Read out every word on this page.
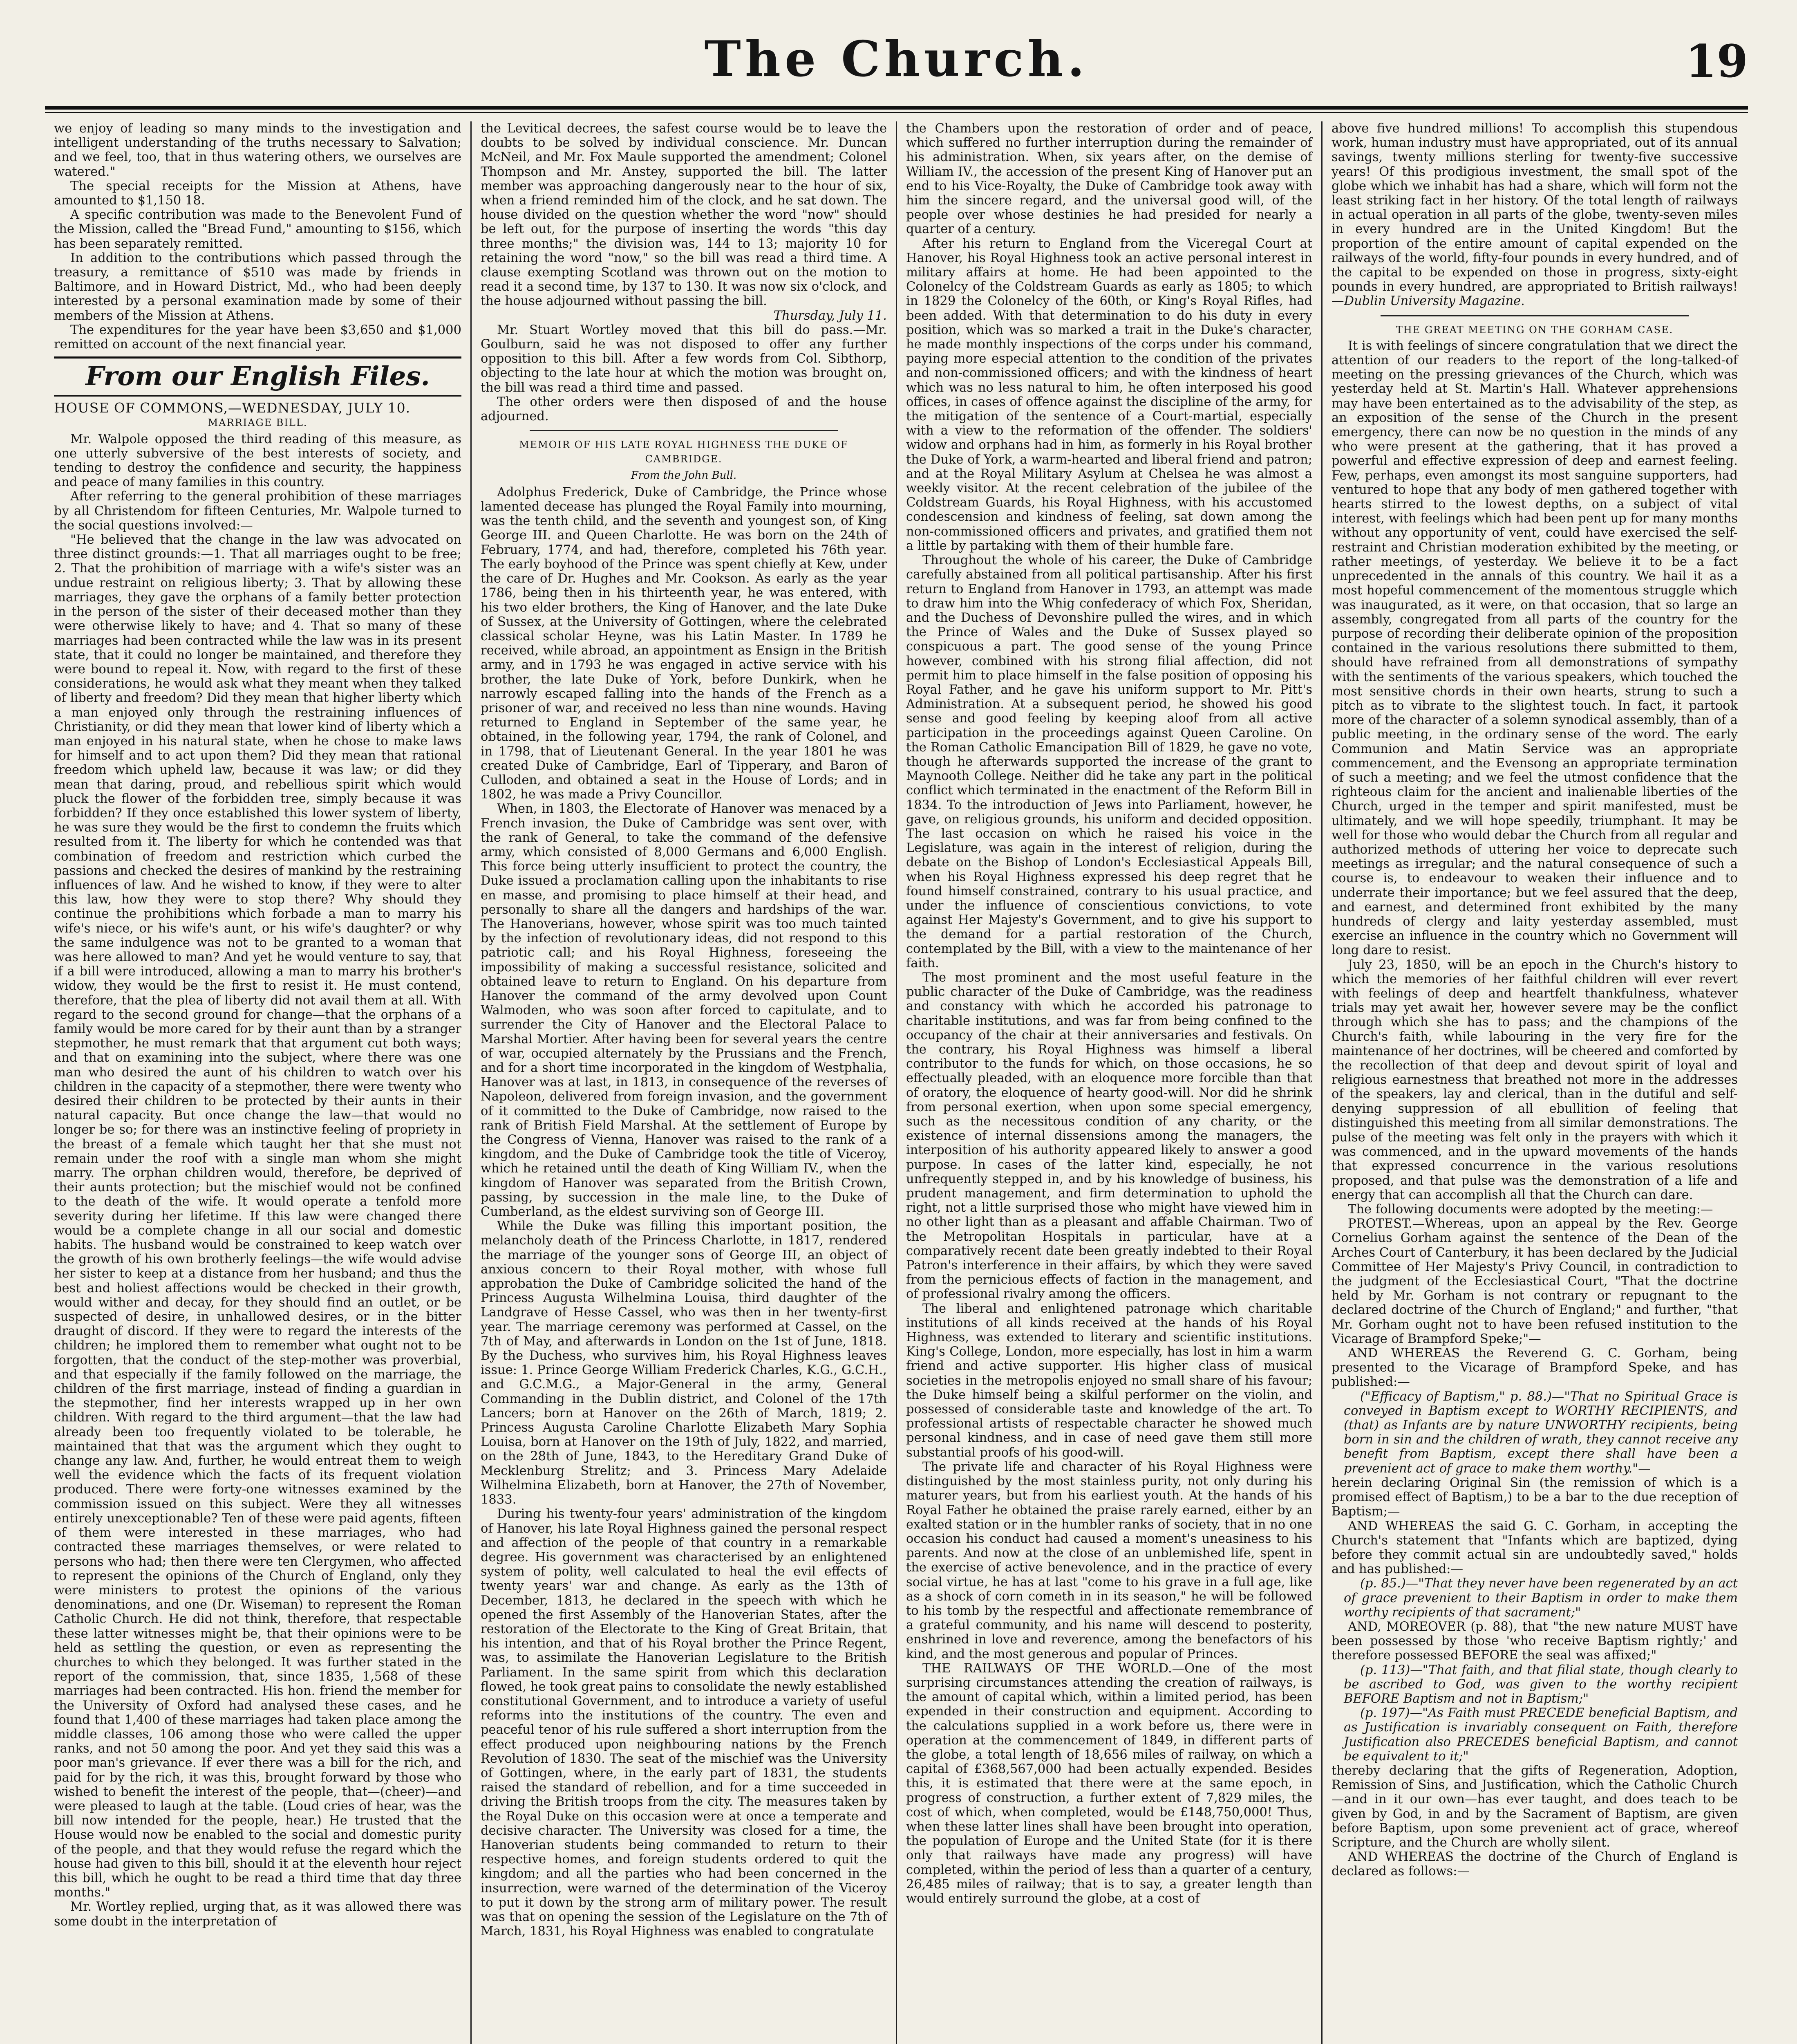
The Church.	19

we enjoy of leading so many minds to the investigation and intelligent understanding of the truths necessary to Salvation; and we feel, too, that in thus watering others, we ourselves are watered."

The special receipts for the Mission at Athens, have amounted to $1,150 18.

A specific contribution was made to the Benevolent Fund of the Mission, called the "Bread Fund," amounting to $156, which has been separately remitted.

In addition to the contributions which passed through the treasury, a remittance of $510 was made by friends in Baltimore, and in Howard District, Md., who had been deeply interested by a personal examination made by some of their members of the Mission at Athens.

The expenditures for the year have been $3,650 and $1,000 remitted on account of the next financial year.

From our English Files.

HOUSE OF COMMONS,—WEDNESDAY, JULY 10.

MARRIAGE BILL.

Mr. Walpole opposed the third reading of this measure, as one utterly subversive of the best interests of society, and tending to destroy the confidence and security, the happiness and peace of many families in this country.

After referring to the general prohibition of these marriages by all Christendom for fifteen Centuries, Mr. Walpole turned to the social questions involved:—

"He believed that the change in the law was advocated on three distinct grounds:—1. That all marriages ought to be free; 2. That the prohibition of marriage with a wife's sister was an undue restraint on religious liberty; 3. That by allowing these marriages, they gave the orphans of a family better protection in the person of the sister of their deceased mother than they were otherwise likely to have; and 4. That so many of these marriages had been contracted while the law was in its present state, that it could no longer be maintained, and therefore they were bound to repeal it. Now, with regard to the first of these considerations, he would ask what they meant when they talked of liberty and freedom? Did they mean that higher liberty which a man enjoyed only through the restraining influences of Christianity, or did they mean that lower kind of liberty which a man enjoyed in his natural state, when he chose to make laws for himself and to act upon them? Did they mean that rational freedom which upheld law, because it was law; or did they mean that daring, proud, and rebellious spirit which would pluck the flower of the forbidden tree, simply because it was forbidden? If they once established this lower system of liberty, he was sure they would be the first to condemn the fruits which resulted from it. The liberty for which he contended was that combination of freedom and restriction which curbed the passions and checked the desires of mankind by the restraining influences of law. And he wished to know, if they were to alter this law, how they were to stop there? Why should they continue the prohibitions which forbade a man to marry his wife's niece, or his wife's aunt, or his wife's daughter? or why the same indulgence was not to be granted to a woman that was here allowed to man? And yet he would venture to say, that if a bill were introduced, allowing a man to marry his brother's widow, they would be the first to resist it. He must contend, therefore, that the plea of liberty did not avail them at all. With regard to the second ground for change—that the orphans of a family would be more cared for by their aunt than by a stranger stepmother, he must remark that that argument cut both ways; and that on examining into the subject, where there was one man who desired the aunt of his children to watch over his children in the capacity of a stepmother, there were twenty who desired their children to be protected by their aunts in their natural capacity. But once change the law—that would no longer be so; for there was an instinctive feeling of propriety in the breast of a female which taught her that she must not remain under the roof with a single man whom she might marry. The orphan children would, therefore, be deprived of their aunts protection; but the mischief would not be confined to the death of the wife. It would operate a tenfold more severity during her lifetime. If this law were changed there would be a complete change in all our social and domestic habits. The husband would be constrained to keep watch over the growth of his own brotherly feelings—the wife would advise her sister to keep at a distance from her husband; and thus the best and holiest affections would be checked in their growth, would wither and decay, for they should find an outlet, or be suspected of desire, in unhallowed desires, or in the bitter draught of discord. If they were to regard the interests of the children; he implored them to remember what ought not to be forgotten, that the conduct of the step-mother was proverbial, and that especially if the family followed on the marriage, the children of the first marriage, instead of finding a guardian in the stepmother, find her interests wrapped up in her own children. With regard to the third argument—that the law had already been too frequently violated to be tolerable, he maintained that that was the argument which they ought to change any law. And, further, he would entreat them to weigh well the evidence which the facts of its frequent violation produced. There were forty-one witnesses examined by the commission issued on this subject. Were they all witnesses entirely unexceptionable? Ten of these were paid agents, fifteen of them were interested in these marriages, who had contracted these marriages themselves, or were related to persons who had; then there were ten Clergymen, who affected to represent the opinions of the Church of England, only they were ministers to protest the opinions of the various denominations, and one (Dr. Wiseman) to represent the Roman Catholic Church. He did not think, therefore, that respectable these latter witnesses might be, that their opinions were to be held as settling the question, or even as representing the churches to which they belonged. It was further stated in the report of the commission, that, since 1835, 1,568 of these marriages had been contracted. His hon. friend the member for the University of Oxford had analysed these cases, and he found that 1,400 of these marriages had taken place among the middle classes, 106 among those who were called the upper ranks, and not 50 among the poor. And yet they said this was a poor man's grievance. If ever there was a bill for the rich, and paid for by the rich, it was this, brought forward by those who wished to benefit the interest of the people, that—(cheer)—and were pleased to laugh at the table. (Loud cries of hear, was the bill now intended for the people, hear.) He trusted that the House would now be enabled to the social and domestic purity of the people, and that they would refuse the regard which the house had given to this bill, should it at the eleventh hour reject this bill, which he ought to be read a third time that day three months."

Mr. Wortley replied, urging that, as it was allowed there was some doubt in the interpretation of

the Levitical decrees, the safest course would be to leave the doubts to be solved by individual conscience. Mr. Duncan McNeil, and Mr. Fox Maule supported the amendment; Colonel Thompson and Mr. Anstey, supported the bill. The latter member was approaching dangerously near to the hour of six, when a friend reminded him of the clock, and he sat down. The house divided on the question whether the word "now" should be left out, for the purpose of inserting the words "this day three months;" the division was, 144 to 13; majority 10 for retaining the word "now," so the bill was read a third time. A clause exempting Scotland was thrown out on the motion to read it a second time, by 137 to 130. It was now six o'clock, and the house adjourned without passing the bill.

Thursday, July 11.

Mr. Stuart Wortley moved that this bill do pass.—Mr. Goulburn, said he was not disposed to offer any further opposition to this bill. After a few words from Col. Sibthorp, objecting to the late hour at which the motion was brought on, the bill was read a third time and passed.

The other orders were then disposed of and the house adjourned.

MEMOIR OF HIS LATE ROYAL HIGHNESS THE DUKE OF CAMBRIDGE.

From the John Bull.

Adolphus Frederick, Duke of Cambridge, the Prince whose lamented decease has plunged the Royal Family into mourning, was the tenth child, and the seventh and youngest son, of King George III. and Queen Charlotte. He was born on the 24th of February, 1774, and had, therefore, completed his 76th year. The early boyhood of the Prince was spent chiefly at Kew, under the care of Dr. Hughes and Mr. Cookson. As early as the year 1786, being then in his thirteenth year, he was entered, with his two elder brothers, the King of Hanover, and the late Duke of Sussex, at the University of Gottingen, where the celebrated classical scholar Heyne, was his Latin Master. In 1789 he received, while abroad, an appointment as Ensign in the British army, and in 1793 he was engaged in active service with his brother, the late Duke of York, before Dunkirk, when he narrowly escaped falling into the hands of the French as a prisoner of war, and received no less than nine wounds. Having returned to England in September of the same year, he obtained, in the following year, 1794, the rank of Colonel, and in 1798, that of Lieutenant General. In the year 1801 he was created Duke of Cambridge, Earl of Tipperary, and Baron of Culloden, and obtained a seat in the House of Lords; and in 1802, he was made a Privy Councillor.

When, in 1803, the Electorate of Hanover was menaced by a French invasion, the Duke of Cambridge was sent over, with the rank of General, to take the command of the defensive army, which consisted of 8,000 Germans and 6,000 English. This force being utterly insufficient to protect the country, the Duke issued a proclamation calling upon the inhabitants to rise en masse, and promising to place himself at their head, and personally to share all the dangers and hardships of the war. The Hanoverians, however, whose spirit was too much tainted by the infection of revolutionary ideas, did not respond to this patriotic call; and his Royal Highness, foreseeing the impossibility of making a successful resistance, solicited and obtained leave to return to England. On his departure from Hanover the command of the army devolved upon Count Walmoden, who was soon after forced to capitulate, and to surrender the City of Hanover and the Electoral Palace to Marshal Mortier. After having been for several years the centre of war, occupied alternately by the Prussians and the French, and for a short time incorporated in the kingdom of Westphalia, Hanover was at last, in 1813, in consequence of the reverses of Napoleon, delivered from foreign invasion, and the government of it committed to the Duke of Cambridge, now raised to the rank of British Field Marshal. At the settlement of Europe by the Congress of Vienna, Hanover was raised to the rank of a kingdom, and the Duke of Cambridge took the title of Viceroy, which he retained until the death of King William IV., when the kingdom of Hanover was separated from the British Crown, passing, by succession in the male line, to the Duke of Cumberland, as the eldest surviving son of George III.

While the Duke was filling this important position, the melancholy death of the Princess Charlotte, in 1817, rendered the marriage of the younger sons of George III, an object of anxious concern to their Royal mother, with whose full approbation the Duke of Cambridge solicited the hand of the Princess Augusta Wilhelmina Louisa, third daughter of the Landgrave of Hesse Cassel, who was then in her twenty-first year. The marriage ceremony was performed at Cassel, on the 7th of May, and afterwards in London on the 1st of June, 1818. By the Duchess, who survives him, his Royal Highness leaves issue: 1. Prince George William Frederick Charles, K.G., G.C.H., and G.C.M.G., a Major-General in the army, General Commanding in the Dublin district, and Colonel of the 17th Lancers; born at Hanover on the 26th of March, 1819; 2. Princess Augusta Caroline Charlotte Elizabeth Mary Sophia Louisa, born at Hanover on the 19th of July, 1822, and married, on the 28th of June, 1843, to the Hereditary Grand Duke of Mecklenburg Strelitz; and 3. Princess Mary Adelaide Wilhelmina Elizabeth, born at Hanover, the 27th of November, 1833.

During his twenty-four years' administration of the kingdom of Hanover, his late Royal Highness gained the personal respect and affection of the people of that country in a remarkable degree. His government was characterised by an enlightened system of polity, well calculated to heal the evil effects of twenty years' war and change. As early as the 13th of December, 1813, he declared in the speech with which he opened the first Assembly of the Hanoverian States, after the restoration of the Electorate to the King of Great Britain, that his intention, and that of his Royal brother the Prince Regent, was, to assimilate the Hanoverian Legislature to the British Parliament. In the same spirit from which this declaration flowed, he took great pains to consolidate the newly established constitutional Government, and to introduce a variety of useful reforms into the institutions of the country. The even and peaceful tenor of his rule suffered a short interruption from the effect produced upon neighbouring nations by the French Revolution of 1830. The seat of the mischief was the University of Gottingen, where, in the early part of 1831, the students raised the standard of rebellion, and for a time succeeded in driving the British troops from the city. The measures taken by the Royal Duke on this occasion were at once a temperate and decisive character. The University was closed for a time, the Hanoverian students being commanded to return to their respective homes, and foreign students ordered to quit the kingdom; and all the parties who had been concerned in the insurrection, were warned of the determination of the Viceroy to put it down by the strong arm of military power. The result was that on opening the session of the Legislature on the 7th of March, 1831, his Royal Highness was enabled to congratulate

the Chambers upon the restoration of order and of peace, which suffered no further interruption during the remainder of his administration. When, six years after, on the demise of William IV., the accession of the present King of Hanover put an end to his Vice-Royalty, the Duke of Cambridge took away with him the sincere regard, and the universal good will, of the people over whose destinies he had presided for nearly a quarter of a century.

After his return to England from the Viceregal Court at Hanover, his Royal Highness took an active personal interest in military affairs at home. He had been appointed to the Colonelcy of the Coldstream Guards as early as 1805; to which in 1829 the Colonelcy of the 60th, or King's Royal Rifles, had been added. With that determination to do his duty in every position, which was so marked a trait in the Duke's character, he made monthly inspections of the corps under his command, paying more especial attention to the condition of the privates and non-commissioned officers; and with the kindness of heart which was no less natural to him, he often interposed his good offices, in cases of offence against the discipline of the army, for the mitigation of the sentence of a Court-martial, especially with a view to the reformation of the offender. The soldiers' widow and orphans had in him, as formerly in his Royal brother the Duke of York, a warm-hearted and liberal friend and patron; and at the Royal Military Asylum at Chelsea he was almost a weekly visitor. At the recent celebration of the jubilee of the Coldstream Guards, his Royal Highness, with his accustomed condescension and kindness of feeling, sat down among the non-commissioned officers and privates, and gratified them not a little by partaking with them of their humble fare.

Throughout the whole of his career, the Duke of Cambridge carefully abstained from all political partisanship. After his first return to England from Hanover in 1793, an attempt was made to draw him into the Whig confederacy of which Fox, Sheridan, and the Duchess of Devonshire pulled the wires, and in which the Prince of Wales and the Duke of Sussex played so conspicuous a part. The good sense of the young Prince however, combined with his strong filial affection, did not permit him to place himself in the false position of opposing his Royal Father, and he gave his uniform support to Mr. Pitt's Administration. At a subsequent period, he showed his good sense and good feeling by keeping aloof from all active participation in the proceedings against Queen Caroline. On the Roman Catholic Emancipation Bill of 1829, he gave no vote, though he afterwards supported the increase of the grant to Maynooth College. Neither did he take any part in the political conflict which terminated in the enactment of the Reform Bill in 1834. To the introduction of Jews into Parliament, however, he gave, on religious grounds, his uniform and decided opposition. The last occasion on which he raised his voice in the Legislature, was again in the interest of religion, during the debate on the Bishop of London's Ecclesiastical Appeals Bill, when his Royal Highness expressed his deep regret that he found himself constrained, contrary to his usual practice, and under the influence of conscientious convictions, to vote against Her Majesty's Government, and to give his support to the demand for a partial restoration of the Church, contemplated by the Bill, with a view to the maintenance of her faith.

The most prominent and the most useful feature in the public character of the Duke of Cambridge, was the readiness and constancy with which he accorded his patronage to charitable institutions, and was far from being confined to the occupancy of the chair at their anniversaries and festivals. On the contrary, his Royal Highness was himself a liberal contributor to the funds for which, on those occasions, he so effectually pleaded, with an eloquence more forcible than that of oratory, the eloquence of hearty good-will. Nor did he shrink from personal exertion, when upon some special emergency, such as the necessitous condition of any charity, or the existence of internal dissensions among the managers, the interposition of his authority appeared likely to answer a good purpose. In cases of the latter kind, especially, he not unfrequently stepped in, and by his knowledge of business, his prudent management, and firm determination to uphold the right, not a little surprised those who might have viewed him in no other light than as a pleasant and affable Chairman. Two of the Metropolitan Hospitals in particular, have at a comparatively recent date been greatly indebted to their Royal Patron's interference in their affairs, by which they were saved from the pernicious effects of faction in the management, and of professional rivalry among the officers.

The liberal and enlightened patronage which charitable institutions of all kinds received at the hands of his Royal Highness, was extended to literary and scientific institutions. King's College, London, more especially, has lost in him a warm friend and active supporter. His higher class of musical societies in the metropolis enjoyed no small share of his favour; the Duke himself being a skilful performer on the violin, and possessed of considerable taste and knowledge of the art. To professional artists of respectable character he showed much personal kindness, and in case of need gave them still more substantial proofs of his good-will.

The private life and character of his Royal Highness were distinguished by the most stainless purity, not only during his maturer years, but from his earliest youth. At the hands of his Royal Father he obtained the praise rarely earned, either by an exalted station or in the humbler ranks of society, that in no one occasion his conduct had caused a moment's uneasiness to his parents. And now at the close of an unblemished life, spent in the exercise of active benevolence, and in the practice of every social virtue, he has at last "come to his grave in a full age, like as a shock of corn cometh in in its season," he will be followed to his tomb by the respectful and affectionate remembrance of a grateful community, and his name will descend to posterity, enshrined in love and reverence, among the benefactors of his kind, and the most generous and popular of Princes.

THE RAILWAYS OF THE WORLD.—One of the most surprising circumstances attending the creation of railways, is the amount of capital which, within a limited period, has been expended in their construction and equipment. According to the calculations supplied in a work before us, there were in operation at the commencement of 1849, in different parts of the globe, a total length of 18,656 miles of railway, on which a capital of £368,567,000 had been actually expended. Besides this, it is estimated that there were at the same epoch, in progress of construction, a further extent of 7,829 miles, the cost of which, when completed, would be £148,750,000! Thus, when these latter lines shall have been brought into operation, the population of Europe and the United State (for it is there only that railways have made any progress) will have completed, within the period of less than a quarter of a century, 26,485 miles of railway; that is to say, a greater length than would entirely surround the globe, at a cost of

above five hundred millions! To accomplish this stupendous work, human industry must have appropriated, out of its annual savings, twenty millions sterling for twenty-five successive years! Of this prodigious investment, the small spot of the globe which we inhabit has had a share, which will form not the least striking fact in her history. Of the total length of railways in actual operation in all parts of the globe, twenty-seven miles in every hundred are in the United Kingdom! But the proportion of the entire amount of capital expended on the railways of the world, fifty-four pounds in every hundred, and of the capital to be expended on those in progress, sixty-eight pounds in every hundred, are appropriated to British railways!—Dublin University Magazine.

THE GREAT MEETING ON THE GORHAM CASE.

It is with feelings of sincere congratulation that we direct the attention of our readers to the report of the long-talked-of meeting on the pressing grievances of the Church, which was yesterday held at St. Martin's Hall. Whatever apprehensions may have been entertained as to the advisability of the step, as an exposition of the sense of the Church in the present emergency, there can now be no question in the minds of any who were present at the gathering, that it has proved a powerful and effective expression of deep and earnest feeling. Few, perhaps, even amongst its most sanguine supporters, had ventured to hope that any body of men gathered together with hearts stirred to the lowest depths, on a subject of vital interest, with feelings which had been pent up for many months without any opportunity of vent, could have exercised the self-restraint and Christian moderation exhibited by the meeting, or rather meetings, of yesterday. We believe it to be a fact unprecedented in the annals of this country. We hail it as a most hopeful commencement of the momentous struggle which was inaugurated, as it were, on that occasion, that so large an assembly, congregated from all parts of the country for the purpose of recording their deliberate opinion of the proposition contained in the various resolutions there submitted to them, should have refrained from all demonstrations of sympathy with the sentiments of the various speakers, which touched the most sensitive chords in their own hearts, strung to such a pitch as to vibrate to the slightest touch. In fact, it partook more of the character of a solemn synodical assembly, than of a public meeting, in the ordinary sense of the word. The early Communion and Matin Service was an appropriate commencement, and the Evensong an appropriate termination of such a meeting; and we feel the utmost confidence that the righteous claim for the ancient and inalienable liberties of the Church, urged in the temper and spirit manifested, must be ultimately, and we will hope speedily, triumphant. It may be well for those who would debar the Church from all regular and authorized methods of uttering her voice to deprecate such meetings as irregular; and the natural consequence of such a course is, to endeavour to weaken their influence and to underrate their importance; but we feel assured that the deep, and earnest, and determined front exhibited by the many hundreds of clergy and laity yesterday assembled, must exercise an influence in the country which no Government will long dare to resist.

July 23, 1850, will be an epoch in the Church's history to which the memories of her faithful children will ever revert with feelings of deep and heartfelt thankfulness, whatever trials may yet await her, however severe may be the conflict through which she has to pass; and the champions of the Church's faith, while labouring in the very fire for the maintenance of her doctrines, will be cheered and comforted by the recollection of that deep and devout spirit of loyal and religious earnestness that breathed not more in the addresses of the speakers, lay and clerical, than in the dutiful and self-denying suppression of all ebullition of feeling that distinguished this meeting from all similar demonstrations. The pulse of the meeting was felt only in the prayers with which it was commenced, and in the upward movements of the hands that expressed concurrence in the various resolutions proposed, and that pulse was the demonstration of a life and energy that can accomplish all that the Church can dare.

The following documents were adopted by the meeting:—

PROTEST.—Whereas, upon an appeal by the Rev. George Cornelius Gorham against the sentence of the Dean of the Arches Court of Canterbury, it has been declared by the Judicial Committee of Her Majesty's Privy Council, in contradiction to the judgment of the Ecclesiastical Court, "That the doctrine held by Mr. Gorham is not contrary or repugnant to the declared doctrine of the Church of England;" and further, "that Mr. Gorham ought not to have been refused institution to the Vicarage of Brampford Speke;"—

AND WHEREAS the Reverend G. C. Gorham, being presented to the Vicarage of Brampford Speke, and has published:—

("Efficacy of Baptism," p. 88.)—"That no Spiritual Grace is conveyed in Baptism except to WORTHY RECIPIENTS, and (that) as Infants are by nature UNWORTHY recipients, being born in sin and the children of wrath, they cannot receive any benefit from Baptism, except there shall have been a prevenient act of grace to make them worthy."—

herein declaring Original Sin (the remission of which is a promised effect of Baptism,) to be a bar to the due reception of Baptism;—

AND WHEREAS the said G. C. Gorham, in accepting the Church's statement that "Infants which are baptized, dying before they commit actual sin are undoubtedly saved," holds and has published:—

(p. 85.)—"That they never have been regenerated by an act of grace prevenient to their Baptism in order to make them worthy recipients of that sacrament;"

AND, MOREOVER (p. 88), that "the new nature MUST have been possessed by those 'who receive Baptism rightly;' and therefore possessed BEFORE the seal was affixed;"

(p. 113)—"That faith, and that filial state, though clearly to be ascribed to God, was given to the worthy recipient BEFORE Baptism and not in Baptism;"

(p. 197)—"As Faith must PRECEDE beneficial Baptism, and as Justification is invariably consequent on Faith, therefore Justification also PRECEDES beneficial Baptism, and cannot be equivalent to it;"

thereby declaring that the gifts of Regeneration, Adoption, Remission of Sins, and Justification, which the Catholic Church—and in it our own—has ever taught, and does teach to be given by God, in and by the Sacrament of Baptism, are given before Baptism, upon some prevenient act of grace, whereof Scripture, and the Church are wholly silent.

AND WHEREAS the doctrine of the Church of England is declared as follows:—
